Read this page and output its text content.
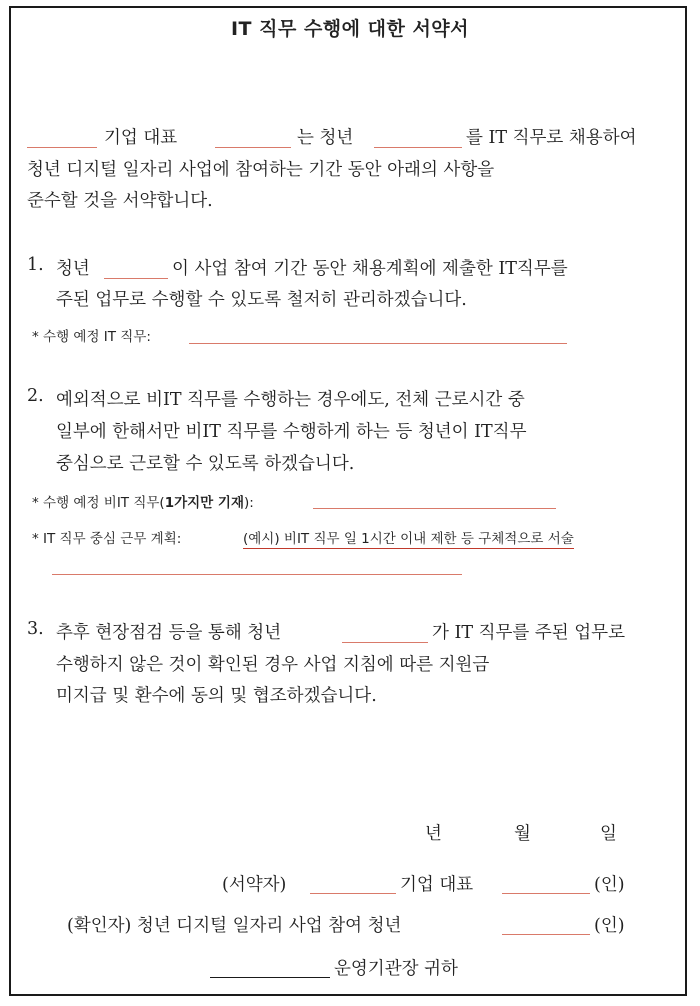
IT 직무 수행에 대한 서약서
기업 대표	는 청년	를 IT 직무로 채용하여
청년 디지털 일자리 사업에 참여하는 기간 동안 아래의 사항을
준수할 것을 서약합니다.
1. 청년	이 사업 참여 기간 동안 채용계획에 제출한 IT직무를
주된 업무로 수행할 수 있도록 철저히 관리하겠습니다.
* 수행 예정 IT 직무:
2. 예외적으로 비IT 직무를 수행하는 경우에도, 전체 근로시간 중
일부에 한해서만 비IT 직무를 수행하게 하는 등 청년이 IT직무
중심으로 근로할 수 있도록 하겠습니다.
* 수행 예정 비IT 직무(1가지만 기재):
* IT 직무 중심 근무 계획:	(예시) 비IT 직무 일 1시간 이내 제한 등 구체적으로 서술
3. 추후 현장점검 등을 통해 청년	가 IT 직무를 주된 업무로
수행하지 않은 것이 확인된 경우 사업 지침에 따른 지원금
미지급 및 환수에 동의 및 협조하겠습니다.
년	월	일
(서약자)	기업 대표	(인)
(확인자) 청년 디지털 일자리 사업 참여 청년	(인)
운영기관장 귀하
